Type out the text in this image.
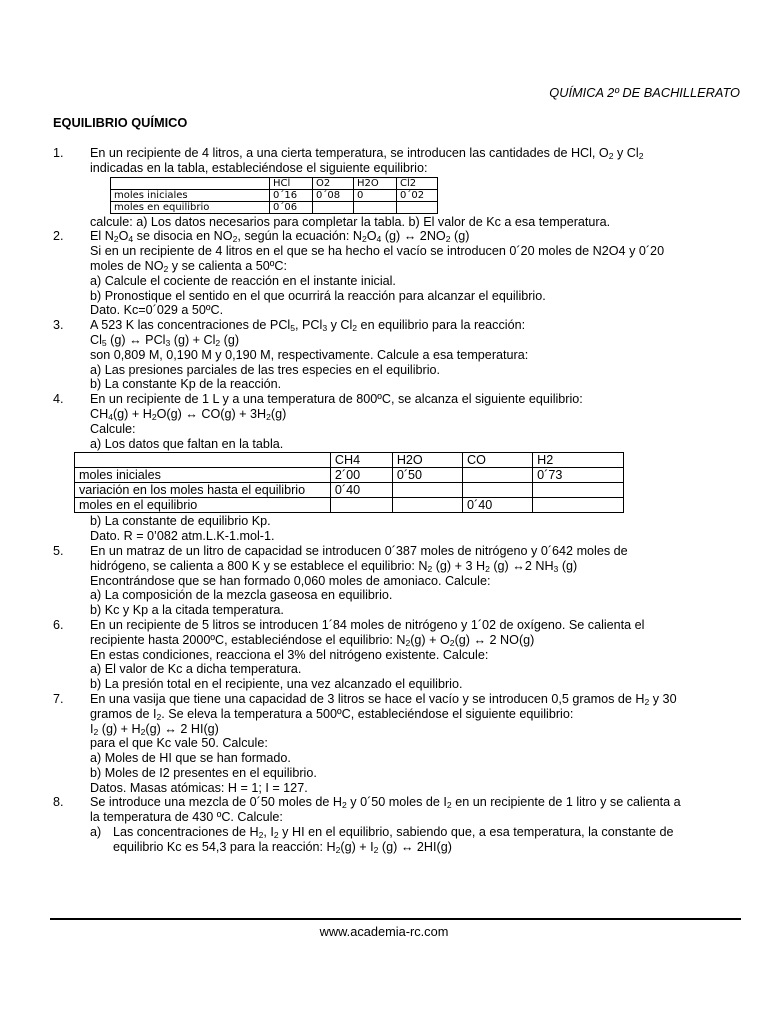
QUÍMICA 2º DE BACHILLERATO
EQUILIBRIO QUÍMICO
1. En un recipiente de 4 litros, a una cierta temperatura, se introducen las cantidades de HCl, $O_2$ y $Cl_2$
indicadas en la tabla, estableciéndose el siguiente equilibrio:
	HCl	O2	H2O	Cl2
moles iniciales	0´16	0´08	0	0´02
moles en equilibrio	0´06			
calcule: a) Los datos necesarios para completar la tabla. b) El valor de Kc a esa temperatura.
2. El $N_2O_4$ se disocia en $NO_2$, según la ecuación: $N_2O_4$ (g) ↔ $2NO_2$ (g)
Si en un recipiente de 4 litros en el que se ha hecho el vacío se introducen 0´20 moles de N2O4 y 0´20
moles de $NO_2$ y se calienta a 50ºC:
a) Calcule el cociente de reacción en el instante inicial.
b) Pronostique el sentido en el que ocurrirá la reacción para alcanzar el equilibrio.
Dato. Kc=0´029 a 50ºC.
3. A 523 K las concentraciones de PCl$_5$, PCl$_3$ y $Cl_2$ en equilibrio para la reacción:
$Cl_5$ (g) ↔ PCl$_3$ $(g) + Cl_2$ (g)
son 0,809 M, 0,190 M y 0,190 M, respectivamente. Calcule a esa temperatura:
a) Las presiones parciales de las tres especies en el equilibrio.
b) La constante Kp de la reacción.
4. En un recipiente de 1 L y a una temperatura de 800ºC, se alcanza el siguiente equilibrio:
$CH_4(g) + H_2O(g)$ ↔ $CO(g) + 3H_2(g)$
Calcule:
a) Los datos que faltan en la tabla.
	CH4	H2O	CO	H2
moles iniciales	2´00	0´50		0´73
variación en los moles hasta el equilibrio	0´40			
moles en el equilibrio			0´40	
b) La constante de equilibrio Kp.
Dato. R = 0’082 atm.L.K-1.mol-1.
5. En un matraz de un litro de capacidad se introducen 0´387 moles de nitrógeno y 0´642 moles de
hidrógeno, se calienta a 800 K y se establece el equilibrio: $N_2$ (g) + 3 $H_2$ (g) ↔2 $NH_3$ (g)
Encontrándose que se han formado 0,060 moles de amoniaco. Calcule:
a) La composición de la mezcla gaseosa en equilibrio.
b) Kc y Kp a la citada temperatura.
6. En un recipiente de 5 litros se introducen 1´84 moles de nitrógeno y 1´02 de oxígeno. Se calienta el
recipiente hasta 2000ºC, estableciéndose el equilibrio: $N_2(g) + O_2(g)$ ↔ 2 NO(g)
En estas condiciones, reacciona el 3% del nitrógeno existente. Calcule:
a) El valor de Kc a dicha temperatura.
b) La presión total en el recipiente, una vez alcanzado el equilibrio.
7. En una vasija que tiene una capacidad de 3 litros se hace el vacío y se introducen 0,5 gramos de $H_2$ y 30
gramos de $I_2$. Se eleva la temperatura a 500ºC, estableciéndose el siguiente equilibrio:
$I_2$ $(g) + H_2(g)$ ↔ 2 HI(g)
para el que Kc vale 50. Calcule:
a) Moles de HI que se han formado.
b) Moles de I2 presentes en el equilibrio.
Datos. Masas atómicas: H = 1; I = 127.
8. Se introduce una mezcla de 0´50 moles de $H_2$ y 0´50 moles de $I_2$ en un recipiente de 1 litro y se calienta a
la temperatura de 430 ºC. Calcule:
a) Las concentraciones de $H_2$, $I_2$ y HI en el equilibrio, sabiendo que, a esa temperatura, la constante de
equilibrio Kc es 54,3 para la reacción: $H_2(g) + I_2$ (g) ↔ 2HI(g)
www.academia-rc.com
